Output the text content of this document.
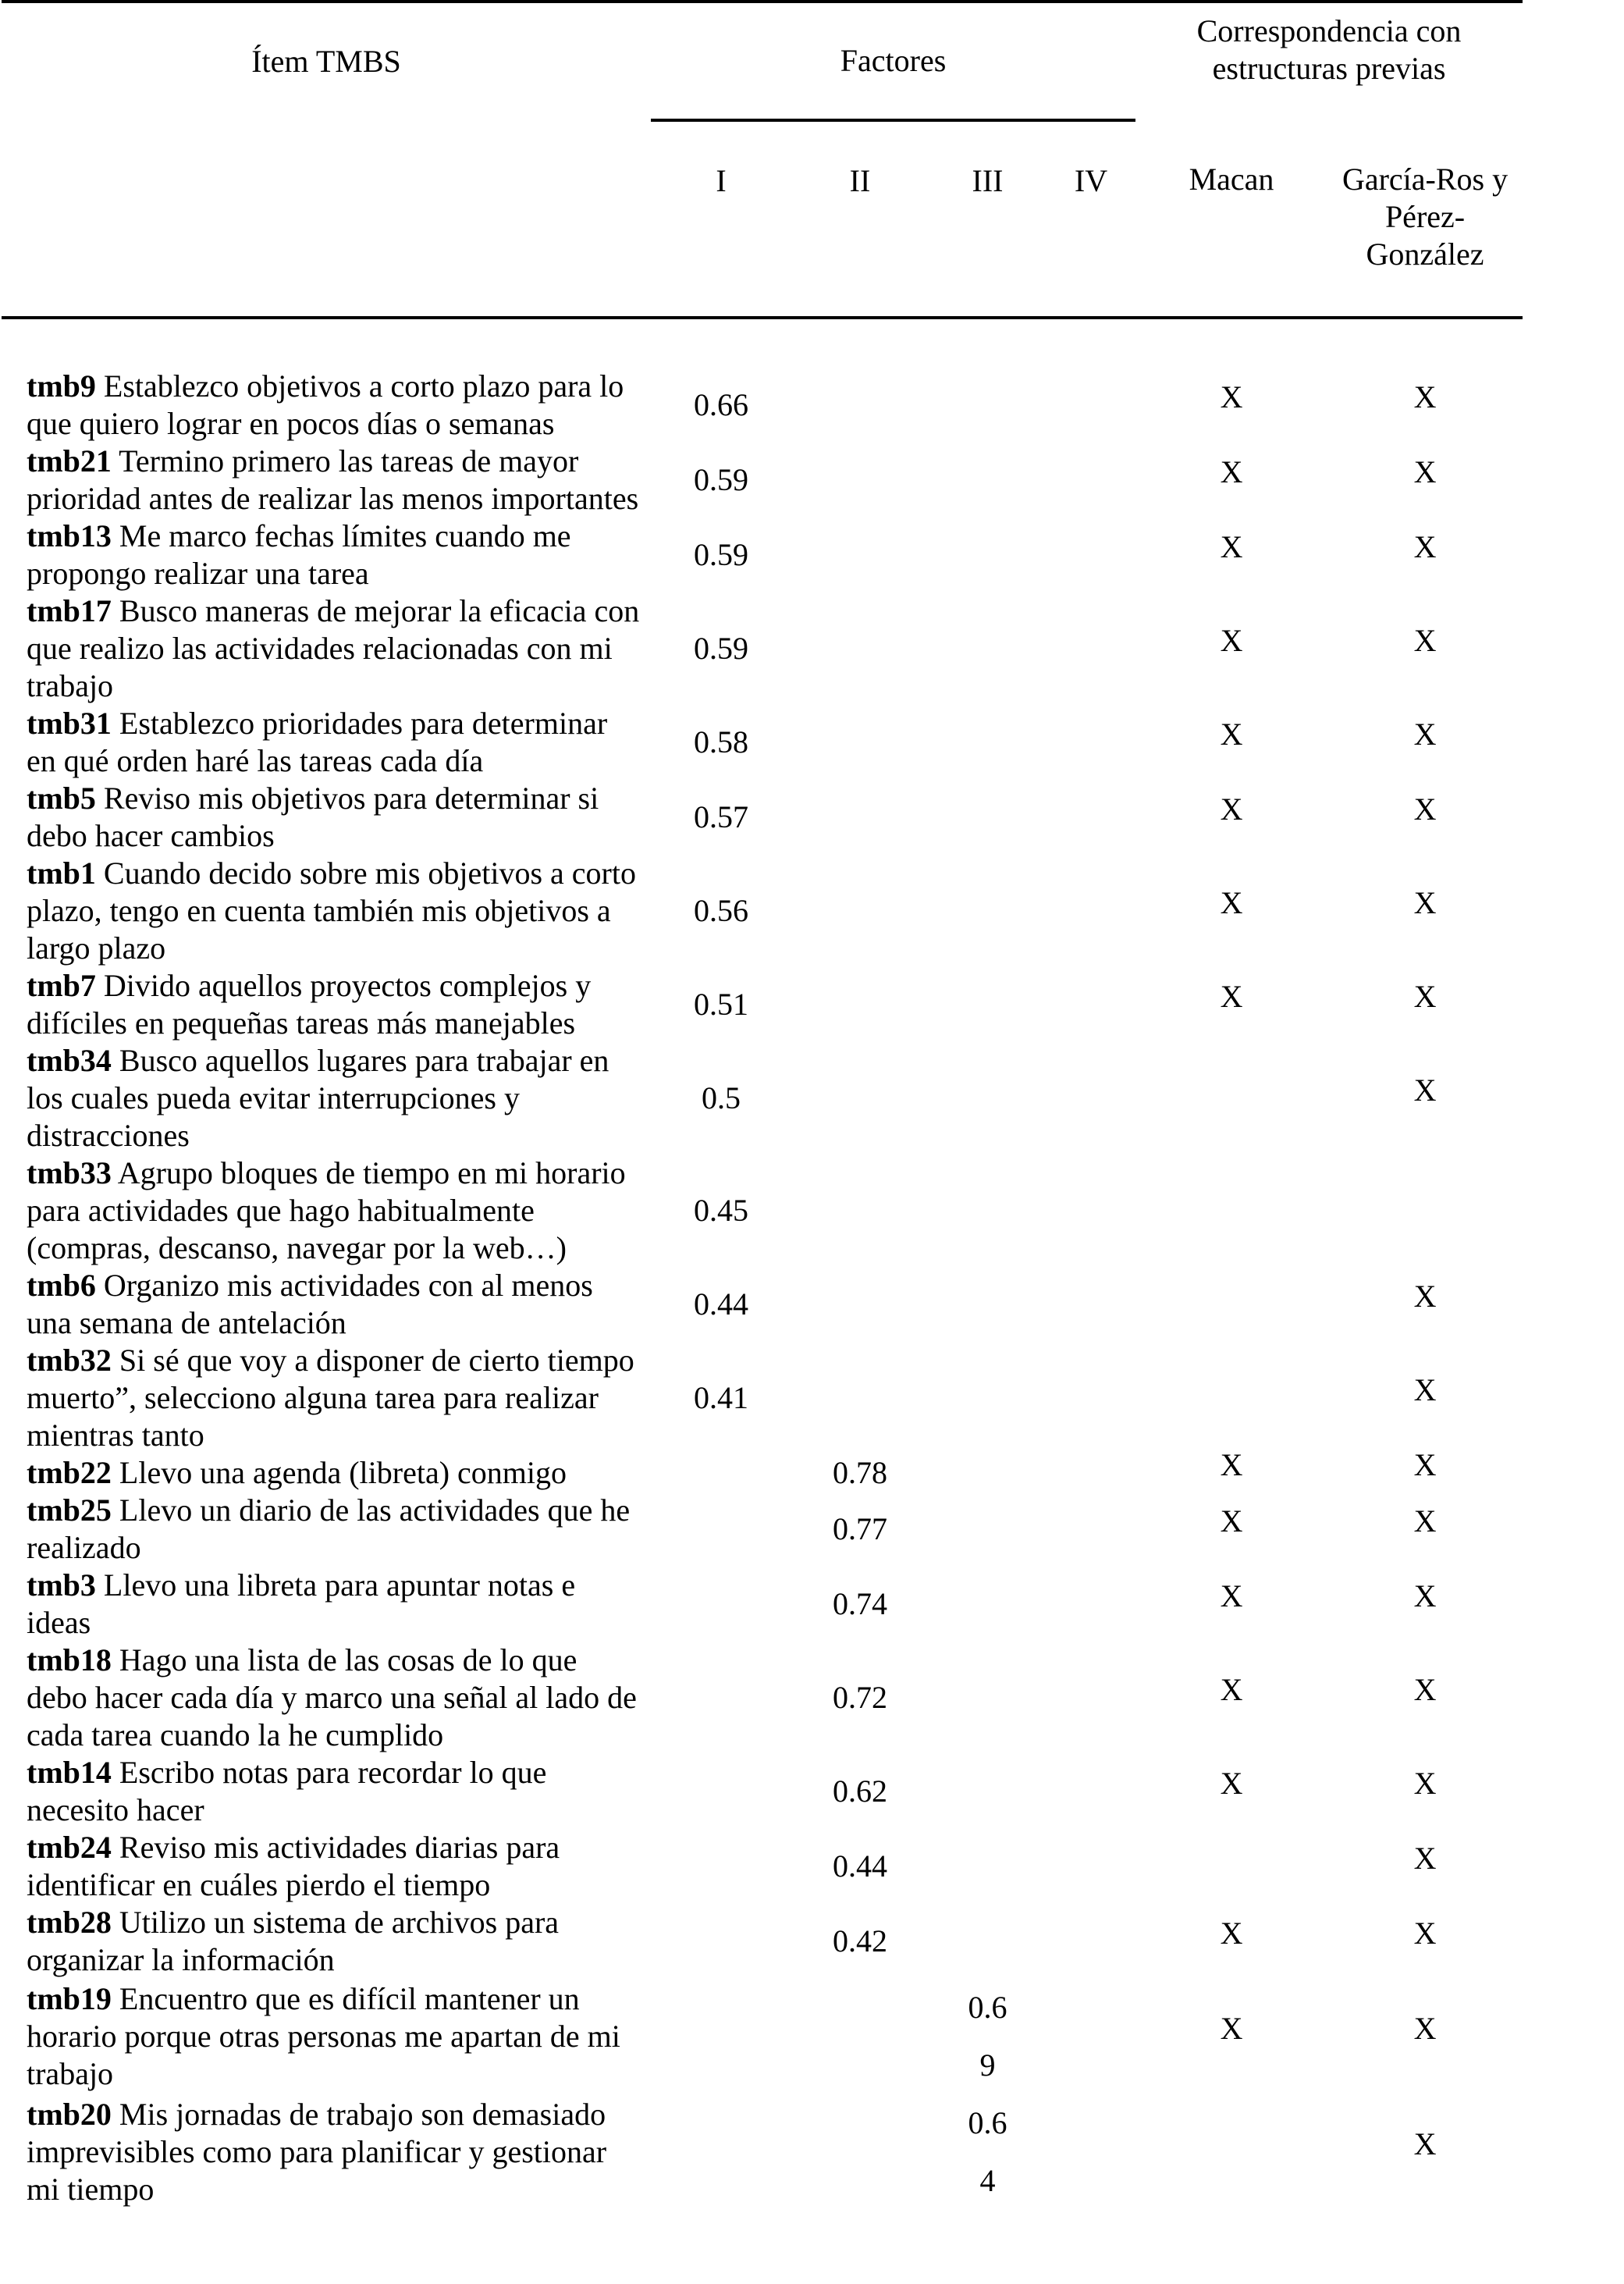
Ítem TMBS	Factores				Correspondencia con estructuras previas	
	I	II	III	IV	Macan	García-Ros y Pérez-González

tmb9 Establezco objetivos a corto plazo para lo que quiero lograr en pocos días o semanas	0.66				X	X
tmb21 Termino primero las tareas de mayor prioridad antes de realizar las menos importantes	0.59				X	X
tmb13 Me marco fechas límites cuando me propongo realizar una tarea	0.59				X	X
tmb17 Busco maneras de mejorar la eficacia con que realizo las actividades relacionadas con mi trabajo	0.59				X	X
tmb31 Establezco prioridades para determinar en qué orden haré las tareas cada día	0.58				X	X
tmb5 Reviso mis objetivos para determinar si debo hacer cambios	0.57				X	X
tmb1 Cuando decido sobre mis objetivos a corto plazo, tengo en cuenta también mis objetivos a largo plazo	0.56				X	X
tmb7 Divido aquellos proyectos complejos y difíciles en pequeñas tareas más manejables	0.51				X	X
tmb34 Busco aquellos lugares para trabajar en los cuales pueda evitar interrupciones y distracciones	0.5					X
tmb33 Agrupo bloques de tiempo en mi horario para actividades que hago habitualmente (compras, descanso, navegar por la web…)	0.45					
tmb6 Organizo mis actividades con al menos una semana de antelación	0.44					X
tmb32 Si sé que voy a disponer de cierto tiempo muerto”, selecciono alguna tarea para realizar mientras tanto	0.41					X
tmb22 Llevo una agenda (libreta) conmigo		0.78			X	X
tmb25 Llevo un diario de las actividades que he realizado		0.77			X	X
tmb3 Llevo una libreta para apuntar notas e ideas		0.74			X	X
tmb18 Hago una lista de las cosas de lo que debo hacer cada día y marco una señal al lado de cada tarea cuando la he cumplido		0.72			X	X
tmb14 Escribo notas para recordar lo que necesito hacer		0.62			X	X
tmb24 Reviso mis actividades diarias para identificar en cuáles pierdo el tiempo		0.44				X
tmb28 Utilizo un sistema de archivos para organizar la información		0.42			X	X
tmb19 Encuentro que es difícil mantener un horario porque otras personas me apartan de mi trabajo			0.69		X	X
tmb20 Mis jornadas de trabajo son demasiado imprevisibles como para planificar y gestionar mi tiempo			0.64			X
